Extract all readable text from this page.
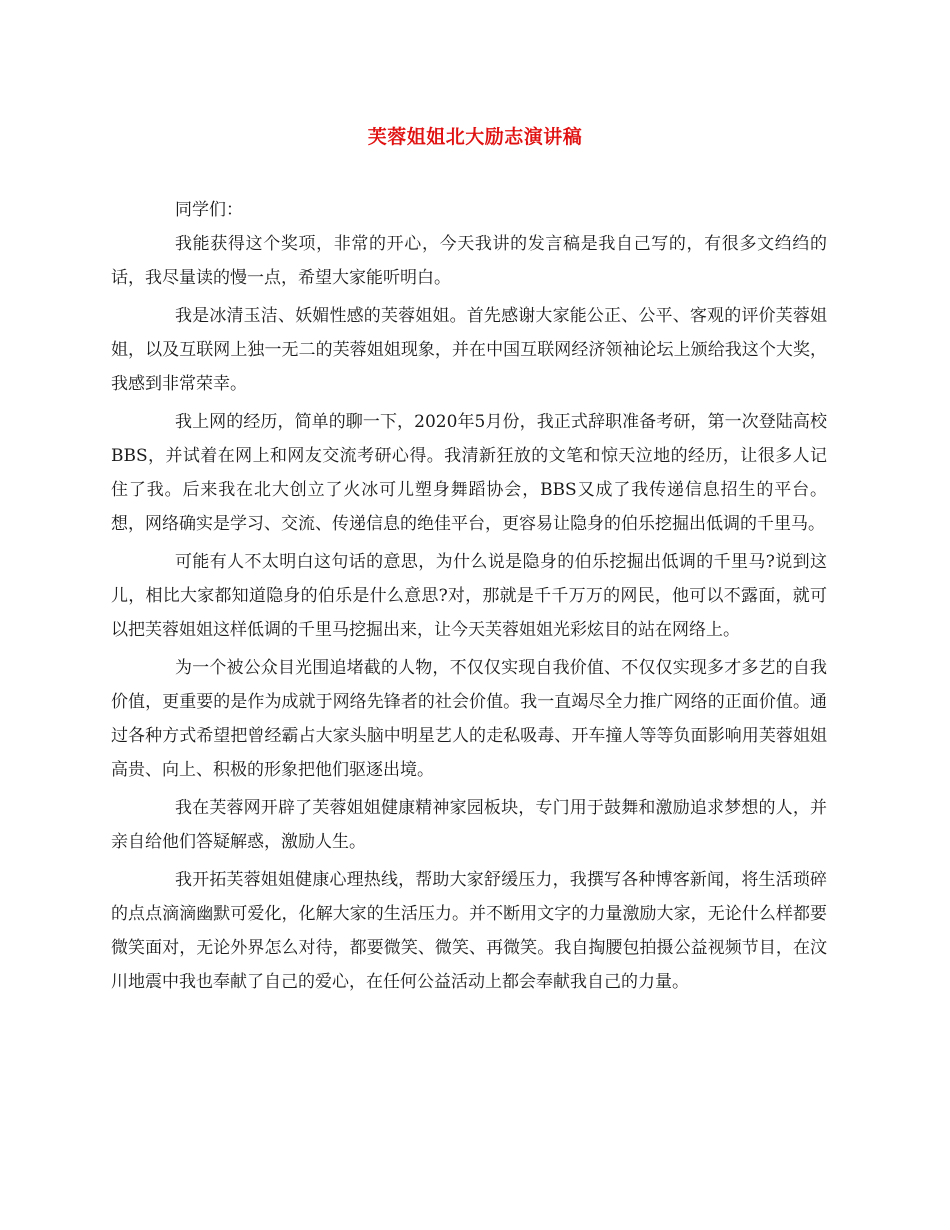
芙蓉姐姐北大励志演讲稿

同学们：

我能获得这个奖项，非常的开心，今天我讲的发言稿是我自己写的，有很多文绉绉的话，我尽量读的慢一点，希望大家能听明白。

我是冰清玉洁、妖媚性感的芙蓉姐姐。首先感谢大家能公正、公平、客观的评价芙蓉姐姐，以及互联网上独一无二的芙蓉姐姐现象，并在中国互联网经济领袖论坛上颁给我这个大奖，我感到非常荣幸。

我上网的经历，简单的聊一下，2020年5月份，我正式辞职准备考研，第一次登陆高校BBS，并试着在网上和网友交流考研心得。我清新狂放的文笔和惊天泣地的经历，让很多人记住了我。后来我在北大创立了火冰可儿塑身舞蹈协会，BBS又成了我传递信息招生的平台。想，网络确实是学习、交流、传递信息的绝佳平台，更容易让隐身的伯乐挖掘出低调的千里马。

可能有人不太明白这句话的意思，为什么说是隐身的伯乐挖掘出低调的千里马?说到这儿，相比大家都知道隐身的伯乐是什么意思?对，那就是千千万万的网民，他可以不露面，就可以把芙蓉姐姐这样低调的千里马挖掘出来，让今天芙蓉姐姐光彩炫目的站在网络上。

为一个被公众目光围追堵截的人物，不仅仅实现自我价值、不仅仅实现多才多艺的自我价值，更重要的是作为成就于网络先锋者的社会价值。我一直竭尽全力推广网络的正面价值。通过各种方式希望把曾经霸占大家头脑中明星艺人的走私吸毒、开车撞人等等负面影响用芙蓉姐姐高贵、向上、积极的形象把他们驱逐出境。

我在芙蓉网开辟了芙蓉姐姐健康精神家园板块，专门用于鼓舞和激励追求梦想的人，并亲自给他们答疑解惑，激励人生。

我开拓芙蓉姐姐健康心理热线，帮助大家舒缓压力，我撰写各种博客新闻，将生活琐碎的点点滴滴幽默可爱化，化解大家的生活压力。并不断用文字的力量激励大家，无论什么样都要微笑面对，无论外界怎么对待，都要微笑、微笑、再微笑。我自掏腰包拍摄公益视频节目，在汶川地震中我也奉献了自己的爱心，在任何公益活动上都会奉献我自己的力量。
